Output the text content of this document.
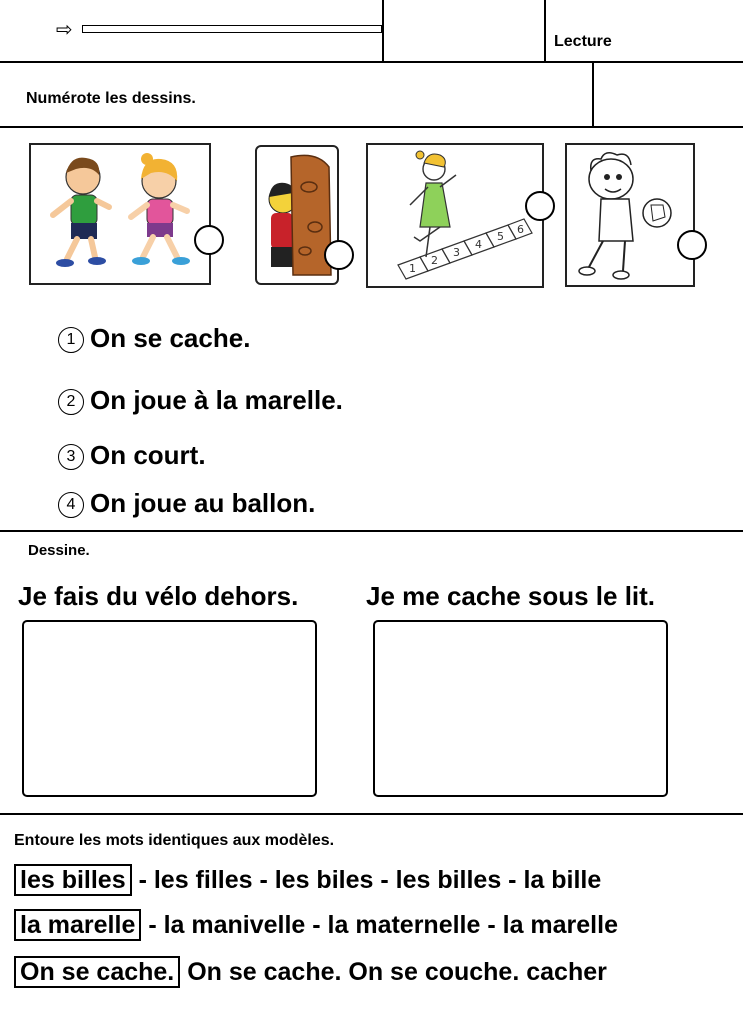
⇨
Lecture
Numérote les dessins.
1
2
3
4
5
6
1 On se cache.
2 On joue à la marelle.
3 On court.
4 On joue au ballon.
Dessine.
Je fais du vélo dehors.	Je me cache sous le lit.
Entoure les mots identiques aux modèles.
les billes - les filles - les biles - les billes - la bille
la marelle - la manivelle - la maternelle - la marelle
On se cache. On se cache. On se couche. cacher
